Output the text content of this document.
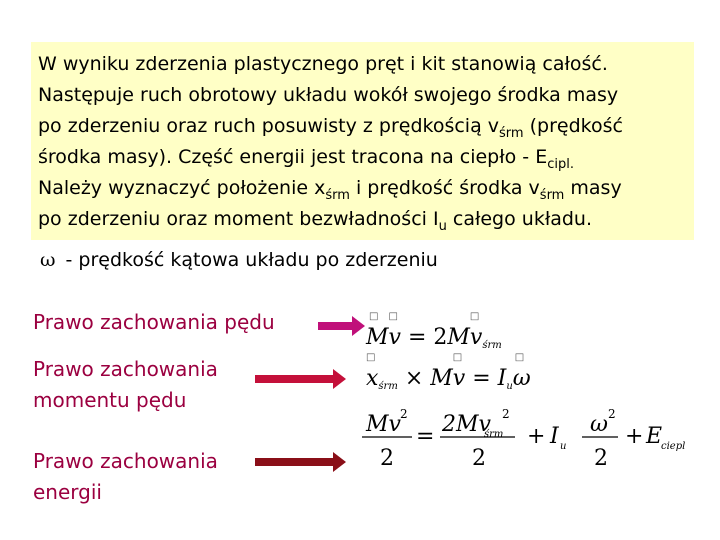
W wyniku zderzenia plastycznego pręt i kit stanowią całość.
Następuje ruch obrotowy układu wokół swojego środka masy
po zderzeniu oraz ruch posuwisty z prędkością $v_{śrm}$ (prędkość
środka masy). Część energii jest tracona na ciepło - $E_{cipl.}$
Należy wyznaczyć położenie $x_{śrm}$ i prędkość środka $v_{śrm}$ masy
po zderzeniu oraz moment bezwładności $I_u$ całego układu.
ω - prędkość kątowa układu po zderzeniu
Prawo zachowania pędu
Prawo zachowania
momentu pędu
Prawo zachowania
energii
□
M
□
v = 2M
□
vśrm
□
xśrm × M
□
v = Iu
□
ω
Mv 2
2
= 2Mv
śrm
2
2
+ I u
ω 2
2
+ E
ciepl
